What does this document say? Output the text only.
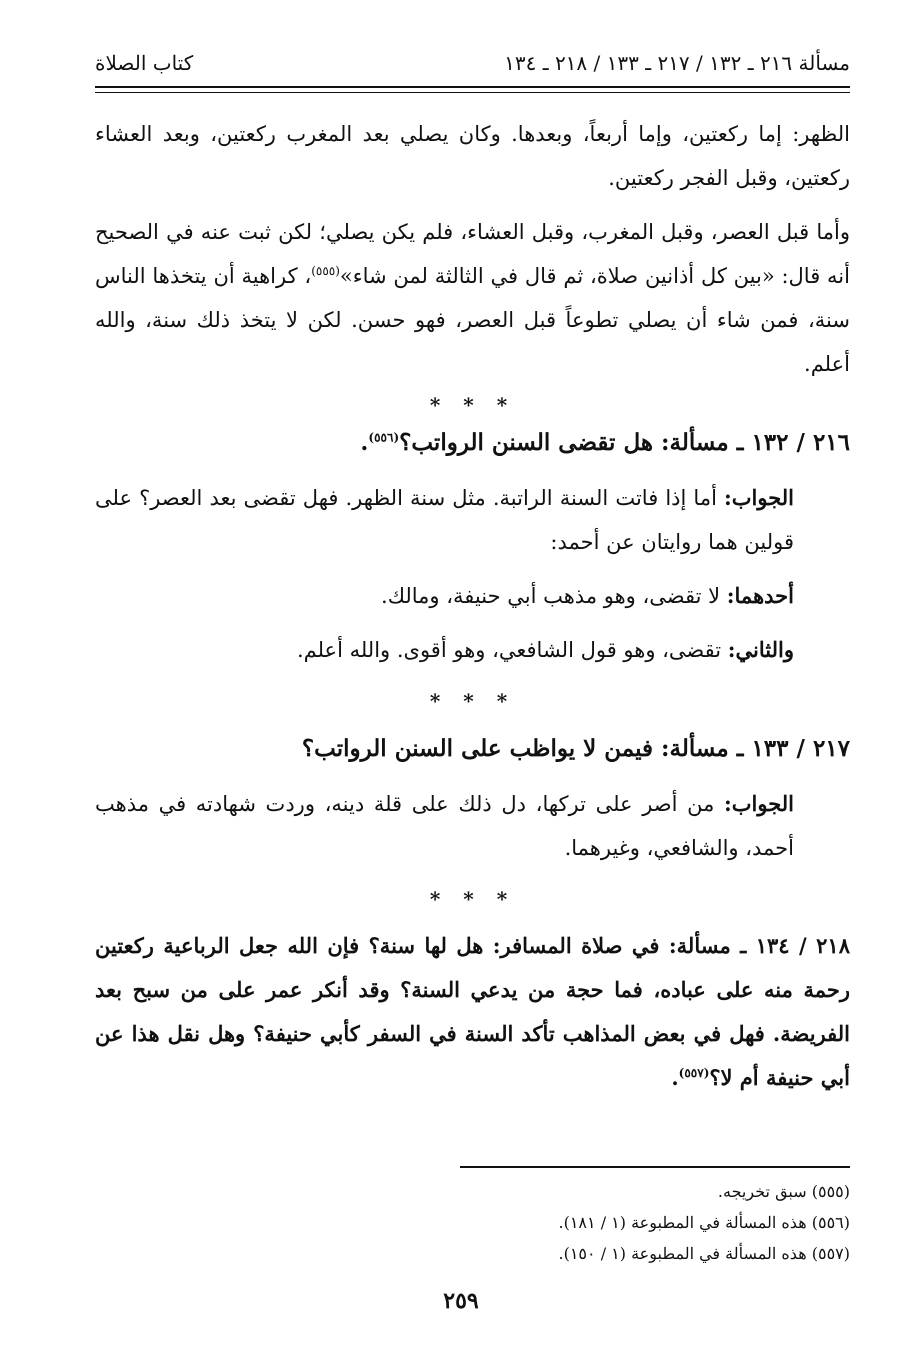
مسألة ٢١٦ ـ ١٣٢ / ٢١٧ ـ ١٣٣ / ٢١٨ ـ ١٣٤
كتاب الصلاة

الظهر: إما ركعتين، وإما أربعاً، وبعدها. وكان يصلي بعد المغرب ركعتين، وبعد العشاء ركعتين، وقبل الفجر ركعتين.

وأما قبل العصر، وقبل المغرب، وقبل العشاء، فلم يكن يصلي؛ لكن ثبت عنه في الصحيح أنه قال: «بين كل أذانين صلاة، ثم قال في الثالثة لمن شاء»$^{(٥٥٥)}$، كراهية أن يتخذها الناس سنة، فمن شاء أن يصلي تطوعاً قبل العصر، فهو حسن. لكن لا يتخذ ذلك سنة، والله أعلم.

* * *

٢١٦ / ١٣٢ ـ مسألة: هل تقضى السنن الرواتب؟$^{(٥٥٦)}$.

الجواب: أما إذا فاتت السنة الراتبة. مثل سنة الظهر. فهل تقضى بعد العصر؟ على قولين هما روايتان عن أحمد:

أحدهما: لا تقضى، وهو مذهب أبي حنيفة، ومالك.

والثاني: تقضى، وهو قول الشافعي، وهو أقوى. والله أعلم.

* * *

٢١٧ / ١٣٣ ـ مسألة: فيمن لا يواظب على السنن الرواتب؟

الجواب: من أصر على تركها، دل ذلك على قلة دينه، وردت شهادته في مذهب أحمد، والشافعي، وغيرهما.

* * *

٢١٨ / ١٣٤ ـ مسألة: في صلاة المسافر: هل لها سنة؟ فإن الله جعل الرباعية ركعتين رحمة منه على عباده، فما حجة من يدعي السنة؟ وقد أنكر عمر على من سبح بعد الفريضة. فهل في بعض المذاهب تأكد السنة في السفر كأبي حنيفة؟ وهل نقل هذا عن أبي حنيفة أم لا؟$^{(٥٥٧)}$.

(٥٥٥) سبق تخريجه.

(٥٥٦) هذه المسألة في المطبوعة (١ / ١٨١).

(٥٥٧) هذه المسألة في المطبوعة (١ / ١٥٠).

٢٥٩
